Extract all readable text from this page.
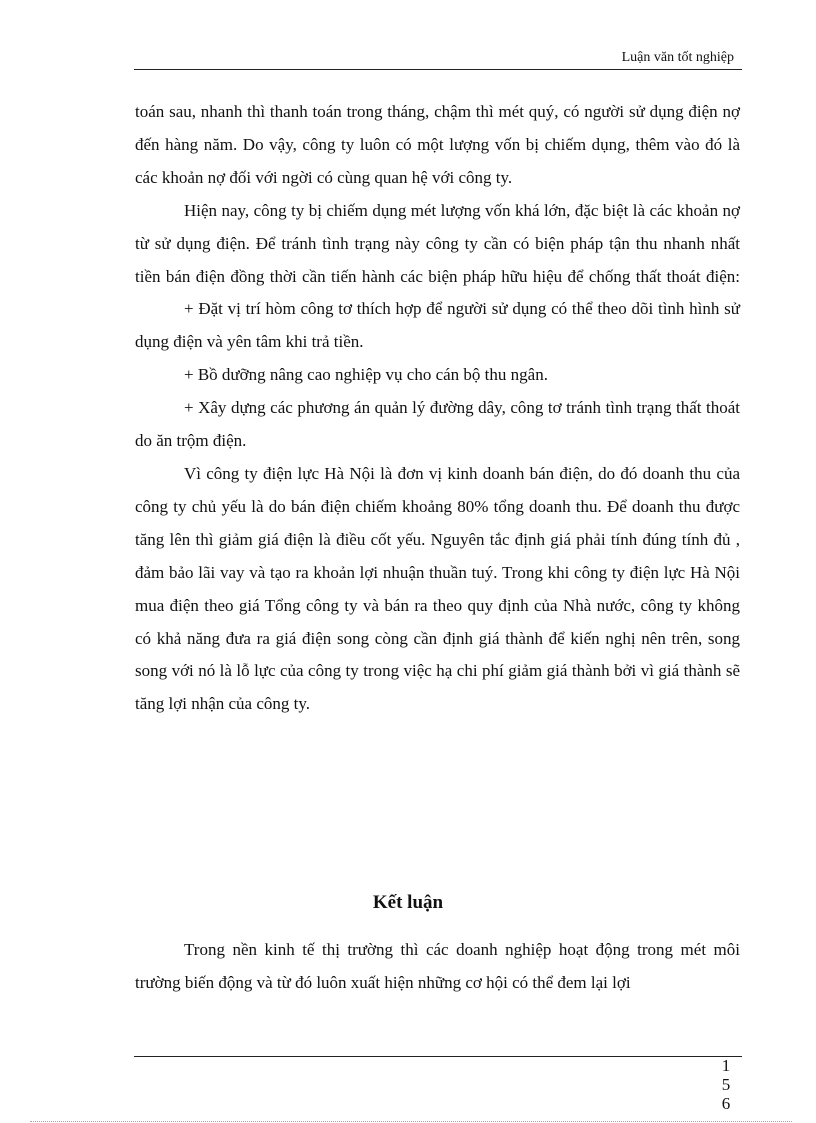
Luận văn tốt nghiệp

toán sau, nhanh thì thanh toán trong tháng, chậm thì mét quý, có người sử dụng điện nợ đến hàng năm. Do vậy, công ty luôn có một lượng vốn bị chiếm dụng, thêm vào đó là các khoản nợ đối với ngời có cùng quan hệ với công ty.

Hiện nay, công ty bị chiếm dụng mét lượng vốn khá lớn, đặc biệt là các khoản nợ từ sử dụng điện. Để tránh tình trạng này công ty cần có biện pháp tận thu nhanh nhất tiền bán điện đồng thời cần tiến hành các biện pháp hữu hiệu để chống thất thoát điện:

+ Đặt vị trí hòm công tơ thích hợp để người sử dụng có thể theo dõi tình hình sử dụng điện và yên tâm khi trả tiền.

+ Bồ dưỡng nâng cao nghiệp vụ cho cán bộ thu ngân.

+ Xây dựng các phương án quản lý đường dây, công tơ tránh tình trạng thất thoát do ăn trộm điện.

Vì công ty điện lực Hà Nội là đơn vị kinh doanh bán điện, do đó doanh thu của công ty chủ yếu là do bán điện chiếm khoảng 80% tổng doanh thu. Để doanh thu được tăng lên thì giảm giá điện là điều cốt yếu. Nguyên tắc định giá phải tính đúng tính đủ , đảm bảo lãi vay và tạo ra khoản lợi nhuận thuần tuý. Trong khi công ty điện lực Hà Nội mua điện theo giá Tổng công ty và bán ra theo quy định của Nhà nước, công ty không có khả năng đưa ra giá điện song còng cần định giá thành để kiến nghị nên trên, song song với nó là lỗ lực của công ty trong việc hạ chi phí giảm giá thành bởi vì giá thành sẽ tăng lợi nhận của công ty.

Kết luận

Trong nền kinh tế thị trường thì các doanh nghiệp hoạt động trong mét môi trường biến động và từ đó luôn xuất hiện những cơ hội có thể đem lại lợi

1
5
6
